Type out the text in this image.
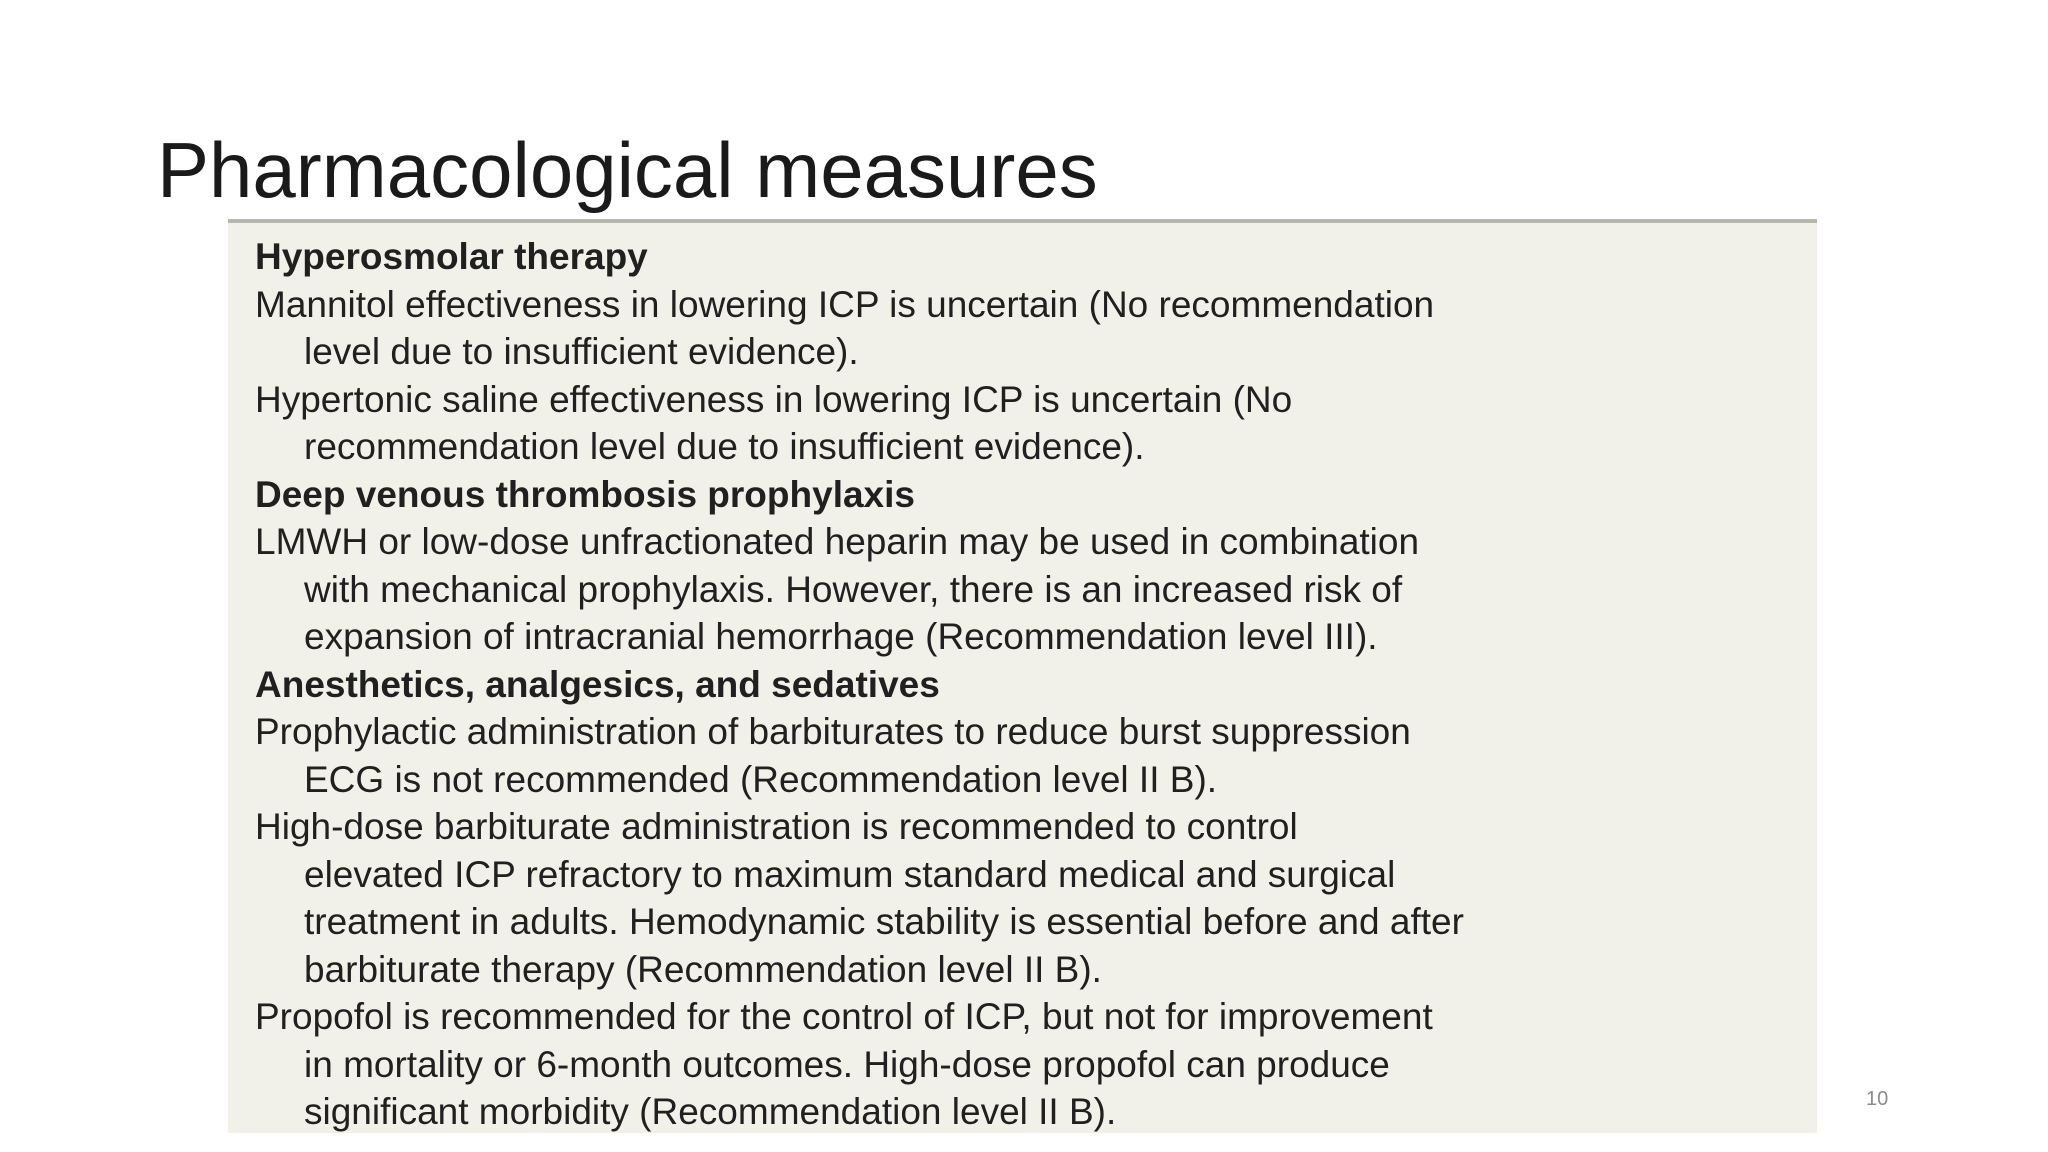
Pharmacological measures
Hyperosmolar therapy
Mannitol effectiveness in lowering ICP is uncertain (No recommendation
level due to insufficient evidence).
Hypertonic saline effectiveness in lowering ICP is uncertain (No
recommendation level due to insufficient evidence).
Deep venous thrombosis prophylaxis
LMWH or low-dose unfractionated heparin may be used in combination
with mechanical prophylaxis. However, there is an increased risk of
expansion of intracranial hemorrhage (Recommendation level III).
Anesthetics, analgesics, and sedatives
Prophylactic administration of barbiturates to reduce burst suppression
ECG is not recommended (Recommendation level II B).
High-dose barbiturate administration is recommended to control
elevated ICP refractory to maximum standard medical and surgical
treatment in adults. Hemodynamic stability is essential before and after
barbiturate therapy (Recommendation level II B).
Propofol is recommended for the control of ICP, but not for improvement
in mortality or 6-month outcomes. High-dose propofol can produce
significant morbidity (Recommendation level II B).	10
